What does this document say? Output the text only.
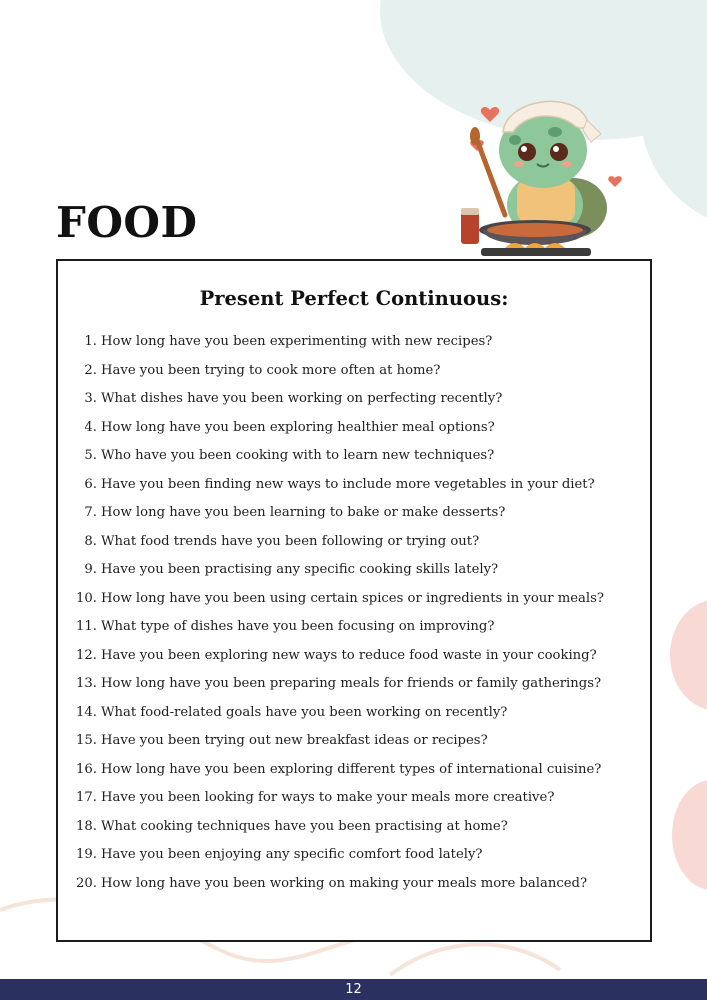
FOOD
Present Perfect Continuous:
1. How long have you been experimenting with new recipes?
2. Have you been trying to cook more often at home?
3. What dishes have you been working on perfecting recently?
4. How long have you been exploring healthier meal options?
5. Who have you been cooking with to learn new techniques?
6. Have you been finding new ways to include more vegetables in your diet?
7. How long have you been learning to bake or make desserts?
8. What food trends have you been following or trying out?
9. Have you been practising any specific cooking skills lately?
10. How long have you been using certain spices or ingredients in your meals?
11. What type of dishes have you been focusing on improving?
12. Have you been exploring new ways to reduce food waste in your cooking?
13. How long have you been preparing meals for friends or family gatherings?
14. What food-related goals have you been working on recently?
15. Have you been trying out new breakfast ideas or recipes?
16. How long have you been exploring different types of international cuisine?
17. Have you been looking for ways to make your meals more creative?
18. What cooking techniques have you been practising at home?
19. Have you been enjoying any specific comfort food lately?
20. How long have you been working on making your meals more balanced?
12
